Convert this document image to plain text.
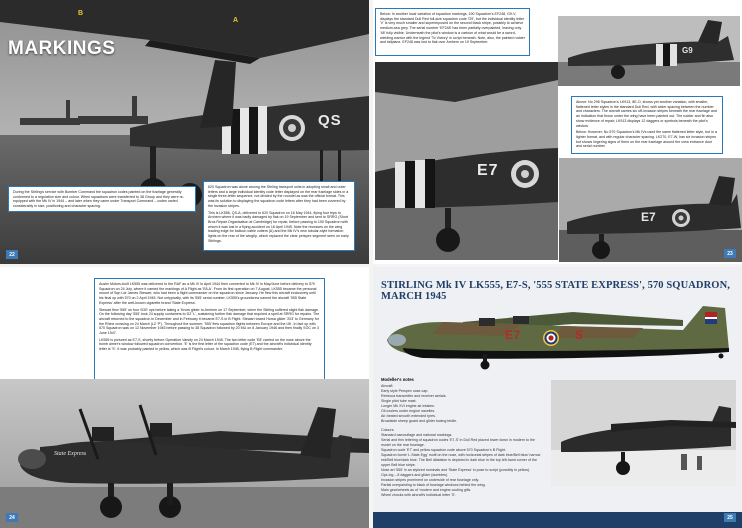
QS
MARKINGS
B
A

During the Stirling's service with Bomber Command the squadron codes painted on the fuselage generally conformed to a regulation size and colour. When squadrons were transferred to 38 Group and they were re-equipped with the Mk IV in 1944 – and later when they came under Transport Command – codes varied considerably in size, positioning and character spacing.

620 Squadron was alone among the Stirling transport units in adopting small and outer letters and a large individual identity code letter displayed on the rear fuselage sides in a single three-letter sequence, not divided by the roundel as was the official format. This was its solution to displaying the squadron code letters after they had been covered by the invasion stripes.

This is LK556, QS-A, delivered to 620 Squadron on 16 May 1944, flying four trips to Arnhem where it was badly damaged by flak on 19 September and sent to SRRG (Short Bros Repair Organisation at Cambridge) for repair, before passing to 190 Squadron with whom it was lost in a flying accident on 16 April 1945. Note the recesses on the wing leading edge for balloon cable cutters (A) and the Mk IV's new tubular-style formation lights on the rear of the wingtip, which replaced the clear perspex segment seen on early Stirlings.

22

Below: In another local variation of squadron markings, 190 Squadron's EF248, G9-V, displays the standard Dull Red full-size squadron code 'G9', but the individual identity letter 'V' is very much smaller and superimposed on the second black stripe, possibly to achieve medium-sea grey. The serial number 'EF248' has been partially overpainted, leaving only '48' fully visible. Underneath the pilot's window is a cartoon of what would be a sword-wielding warrior with the legend 'To Victory' in script beneath. Note, also, the painted rudder and tailplane. EF248 was lost to flak over Arnhem on 19 September.

G9
E7

Above: No 295 Squadron's LK913, 8E-O, shows yet another variation, with smaller, flattened letter styles in the standard Dull Red, with wider spacing between the number and characters. The aircraft carries six off-invasion stripes beneath the rear fuselage and an indication that those under the wing have been painted out. The rudder and fin also show evidence of repair; LK913 displays 12 daggers or symbols beneath the pilot's window.

Below: However, No 570 Squadron's Mk IVs used the same flattened letter style, but in a lighter format, and with regular character spacing. LK270, E7-W, has six invasion stripes but shows lingering signs of them on the rear fuselage around the crew entrance door and serial number.

E7
23

Austin Motors-built LK555 was delivered to the RAF as a Mk IV in April 1944 then converted to Mk IV in May/June before delivery to 570 Squadron on 24 July, where it carried the markings of A Flight as 'E8-A'. From its first operation on 7 August, LK555 became the personal mount of Sqn Ldr James Stewart, who had been a flight commander on the squadron since January. He flew this aircraft exclusively until his final op with 570 on 2 April 1945. Not untypically, with its '555' serial number, LK555's groundcrew named the aircraft '555 State Express' after the well-known cigarette brand 'State Express'.

Stewart flew '555' on four SOE ops before taking a 'Know glider to Arnhem on 17 September, when the Stirling suffered slight flak damage. On the following day '555' took 24 supply containers to DZ 'L', sustaining further flak damage that required a spell at SRRG for repairs. The aircraft returned to the squadron in December and in February it became E7-S in B Flight. Stewart towed Horsa glider '203' to Germany for the Rhine crossing on 24 March (LZ 'P'). Throughout the summer, '555' flew squadron flights between Europe and the UK. In fact op with 570 Squadron was on 12 November 1945 before passing to 38 Squadron followed by 20 MU on 8 January 1946 and then finally SOC on 3 June 1947.

LK555 is pictured as E7-S, shortly before Operation Varsity on 24 March 1945. The two letter code 'E8' carried on the nose above the bomb aimer's window followed squadron convention. 'E' is the first letter of the squadron code (E7) and the aircraft's individual identity letter is 'S'. It was probably painted in yellow, which was B Flight's colour. In March 1945, flying B Flight commander.

State Express
24
STIRLING Mk IV LK555, E7-S, '555 STATE EXPRESS', 570 SQUADRON, MARCH 1945
E7	S
Modeller's notes
Aircraft:
Early style Perspex nose cap.
Rebecca transmitter and receiver aerials.
Single pitot tube mast.
Longer Mk XVI engine air intakes.
Oil coolers under engine nacelles.
Air-heated smooth extended tyres.
Broadside sheep guard and glider towing bridle.
Colours:
Standard camouflage and national markings.
Serial and thin lettering of squadron codes 'E7-S' in Dull Red placed lower down in modern to the model on the rear fuselage.
Squadron code 'E7' and yellow squadron code above 570 Squadron's B Flight.
Squadron bomb 'L.State Egg' motif on the nose, with horizontal stripes of dark blue/Bell blue/ narrow red/Bell blue/dark blue. The Bell dilatation is depicted in dark blue in the top left-hand corner of the upper Bell blue stripe.
Nose art '555' in an stylized nominals and 'State Express' in pose to script (possibly in yellow).
Ops log – 8 daggers and glider (dumbles).
Invasion stripes prominent on underside of rear fuselage only.
Partial overpainting to black of fuselage windows behind the wing.
Main gear/wheels as of 'modern and engine cooling gills.
Wheel chocks with aircraft's individual letter 'S'.
25
